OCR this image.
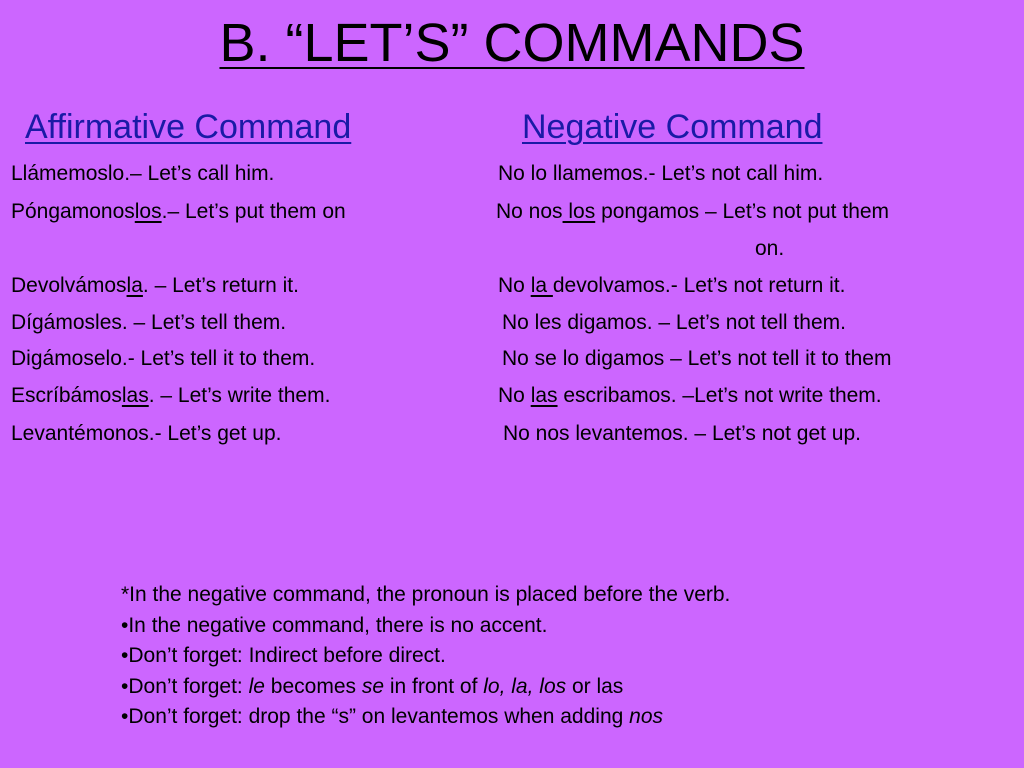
B. “LET’S” COMMANDS
Affirmative Command	Negative Command
Llámemoslo.– Let’s call him.
Póngamonoslos.– Let’s put them on
Devolvámosla. – Let’s return it.
Dígámosles. – Let’s tell them.
Digámoselo.- Let’s tell it to them.
Escríbámoslas. – Let’s write them.
Levantémonos.- Let’s get up.
No lo llamemos.- Let’s not call him.
No nos los pongamos – Let’s not put them
on.
No la devolvamos.- Let’s not return it.
No les digamos. – Let’s not tell them.
No se lo digamos – Let’s not tell it to them
No las escribamos. –Let’s not write them.
No nos levantemos. – Let’s not get up.
*In the negative command, the pronoun is placed before the verb.
•In the negative command, there is no accent.
•Don’t forget: Indirect before direct.
•Don’t forget: le becomes se in front of lo, la, los or las
•Don’t forget: drop the “s” on levantemos when adding nos
